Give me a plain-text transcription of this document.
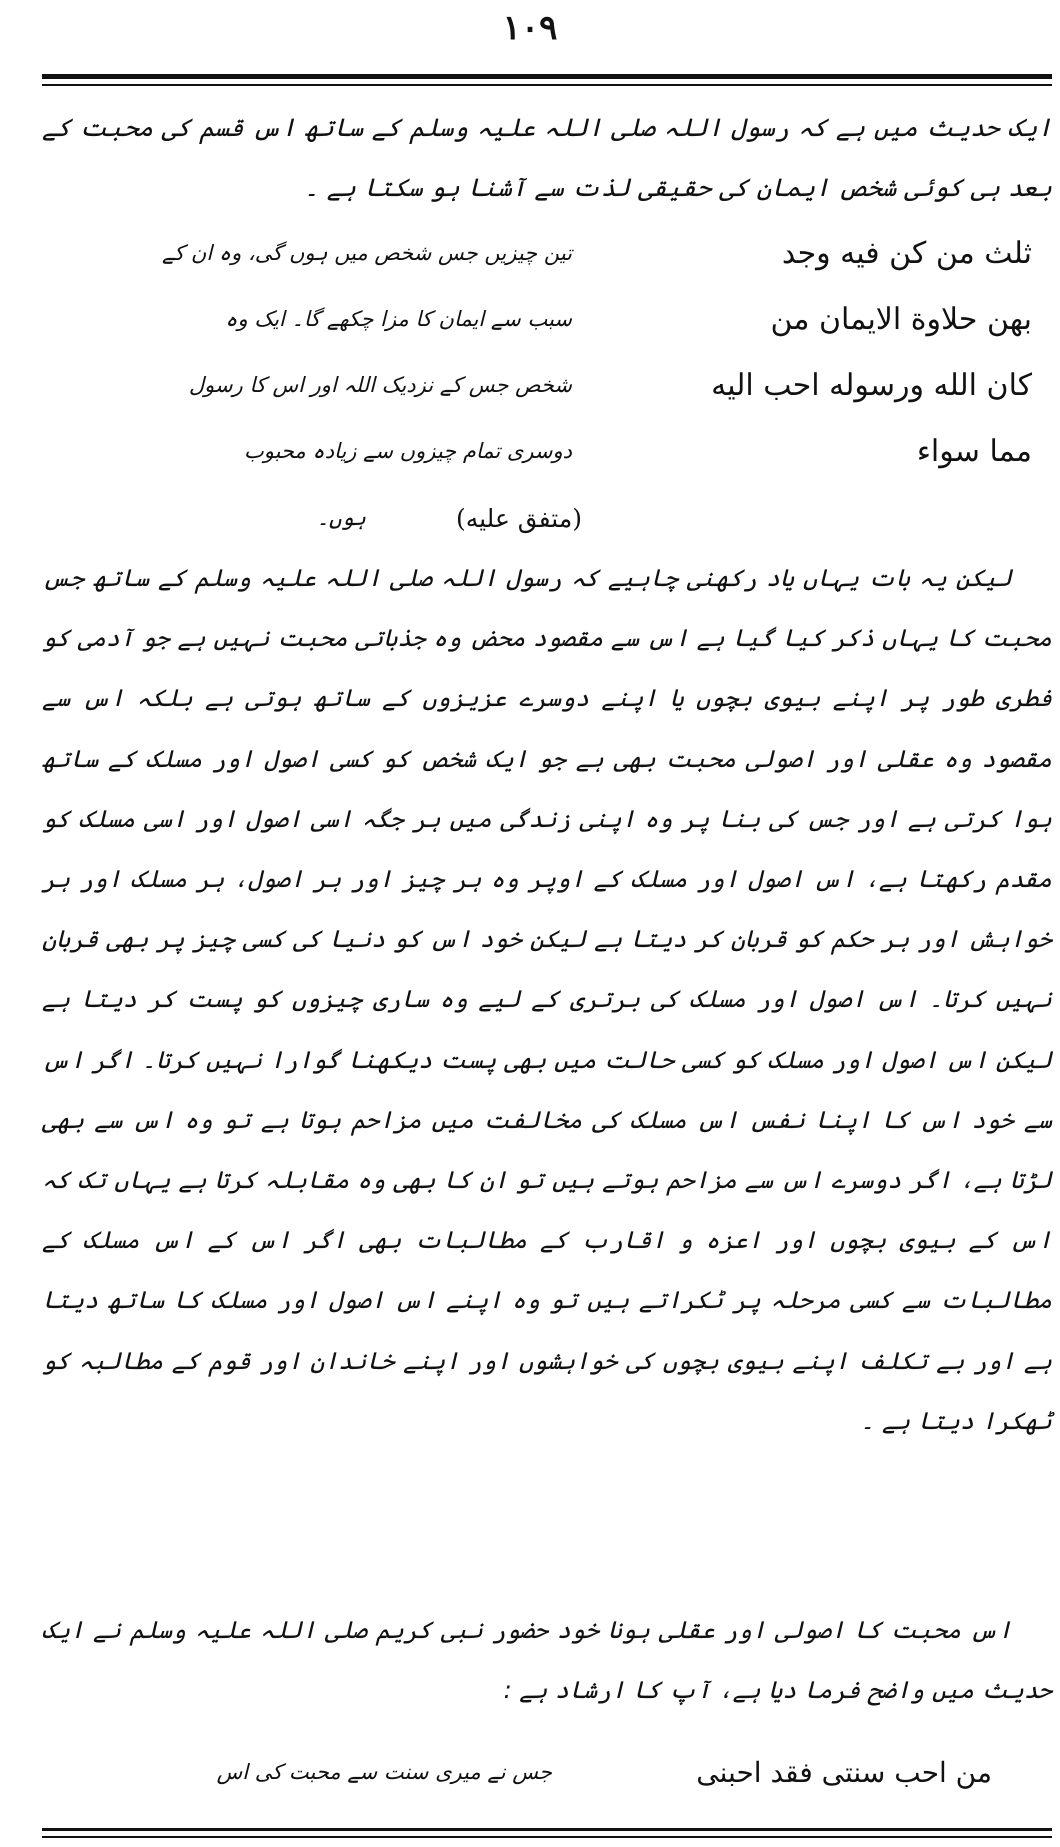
۱۰۹
ایک حدیث میں ہے کہ رسول اللہ صلی اللہ علیہ وسلم کے ساتھ اس قسم کی محبت کے بعد ہی کوئی شخص ایمان کی حقیقی لذت سے آشنا ہو سکتا ہے ۔
ثلث من کن فیه وجد
تین چیزیں جس شخص میں ہوں گی، وہ ان کے
بهن حلاوة الایمان من
سبب سے ایمان کا مزا چکھے گا۔ ایک وہ
کان الله ورسوله احب الیه
شخص جس کے نزدیک اللہ اور اس کا رسول
مما سواء
دوسری تمام چیزوں سے زیادہ محبوب
(متفق علیه)
ہوں۔
لیکن یہ بات یہاں یاد رکھنی چاہیے کہ رسول اللہ صلی اللہ علیہ وسلم کے ساتھ جس محبت کا یہاں ذکر کیا گیا ہے اس سے مقصود محض وہ جذباتی محبت نہیں ہے جو آدمی کو فطری طور پر اپنے بیوی بچوں یا اپنے دوسرے عزیزوں کے ساتھ ہوتی ہے بلکہ اس سے مقصود وہ عقلی اور اصولی محبت بھی ہے جو ایک شخص کو کسی اصول اور مسلک کے ساتھ ہوا کرتی ہے اور جس کی بنا پر وہ اپنی زندگی میں ہر جگہ اسی اصول اور اسی مسلک کو مقدم رکھتا ہے، اس اصول اور مسلک کے اوپر وہ ہر چیز اور ہر اصول، ہر مسلک اور ہر خواہش اور ہر حکم کو قربان کر دیتا ہے لیکن خود اس کو دنیا کی کسی چیز پر بھی قربان نہیں کرتا۔ اس اصول اور مسلک کی برتری کے لیے وہ ساری چیزوں کو پست کر دیتا ہے لیکن اس اصول اور مسلک کو کسی حالت میں بھی پست دیکھنا گوارا نہیں کرتا۔ اگر اس سے خود اس کا اپنا نفس اس مسلک کی مخالفت میں مزاحم ہوتا ہے تو وہ اس سے بھی لڑتا ہے، اگر دوسرے اس سے مزاحم ہوتے ہیں تو ان کا بھی وہ مقابلہ کرتا ہے یہاں تک کہ اس کے بیوی بچوں اور اعزہ و اقارب کے مطالبات بھی اگر اس کے اس مسلک کے مطالبات سے کسی مرحلہ پر ٹکراتے ہیں تو وہ اپنے اس اصول اور مسلک کا ساتھ دیتا ہے اور بے تکلف اپنے بیوی بچوں کی خواہشوں اور اپنے خاندان اور قوم کے مطالبہ کو ٹھکرا دیتا ہے ۔
اس محبت کا اصولی اور عقلی ہونا خود حضور نبی کریم صلی اللہ علیہ وسلم نے ایک حدیث میں واضح فرما دیا ہے، آپ کا ارشاد ہے :
من احب سنتی فقد احبنی
جس نے میری سنت سے محبت کی اس
